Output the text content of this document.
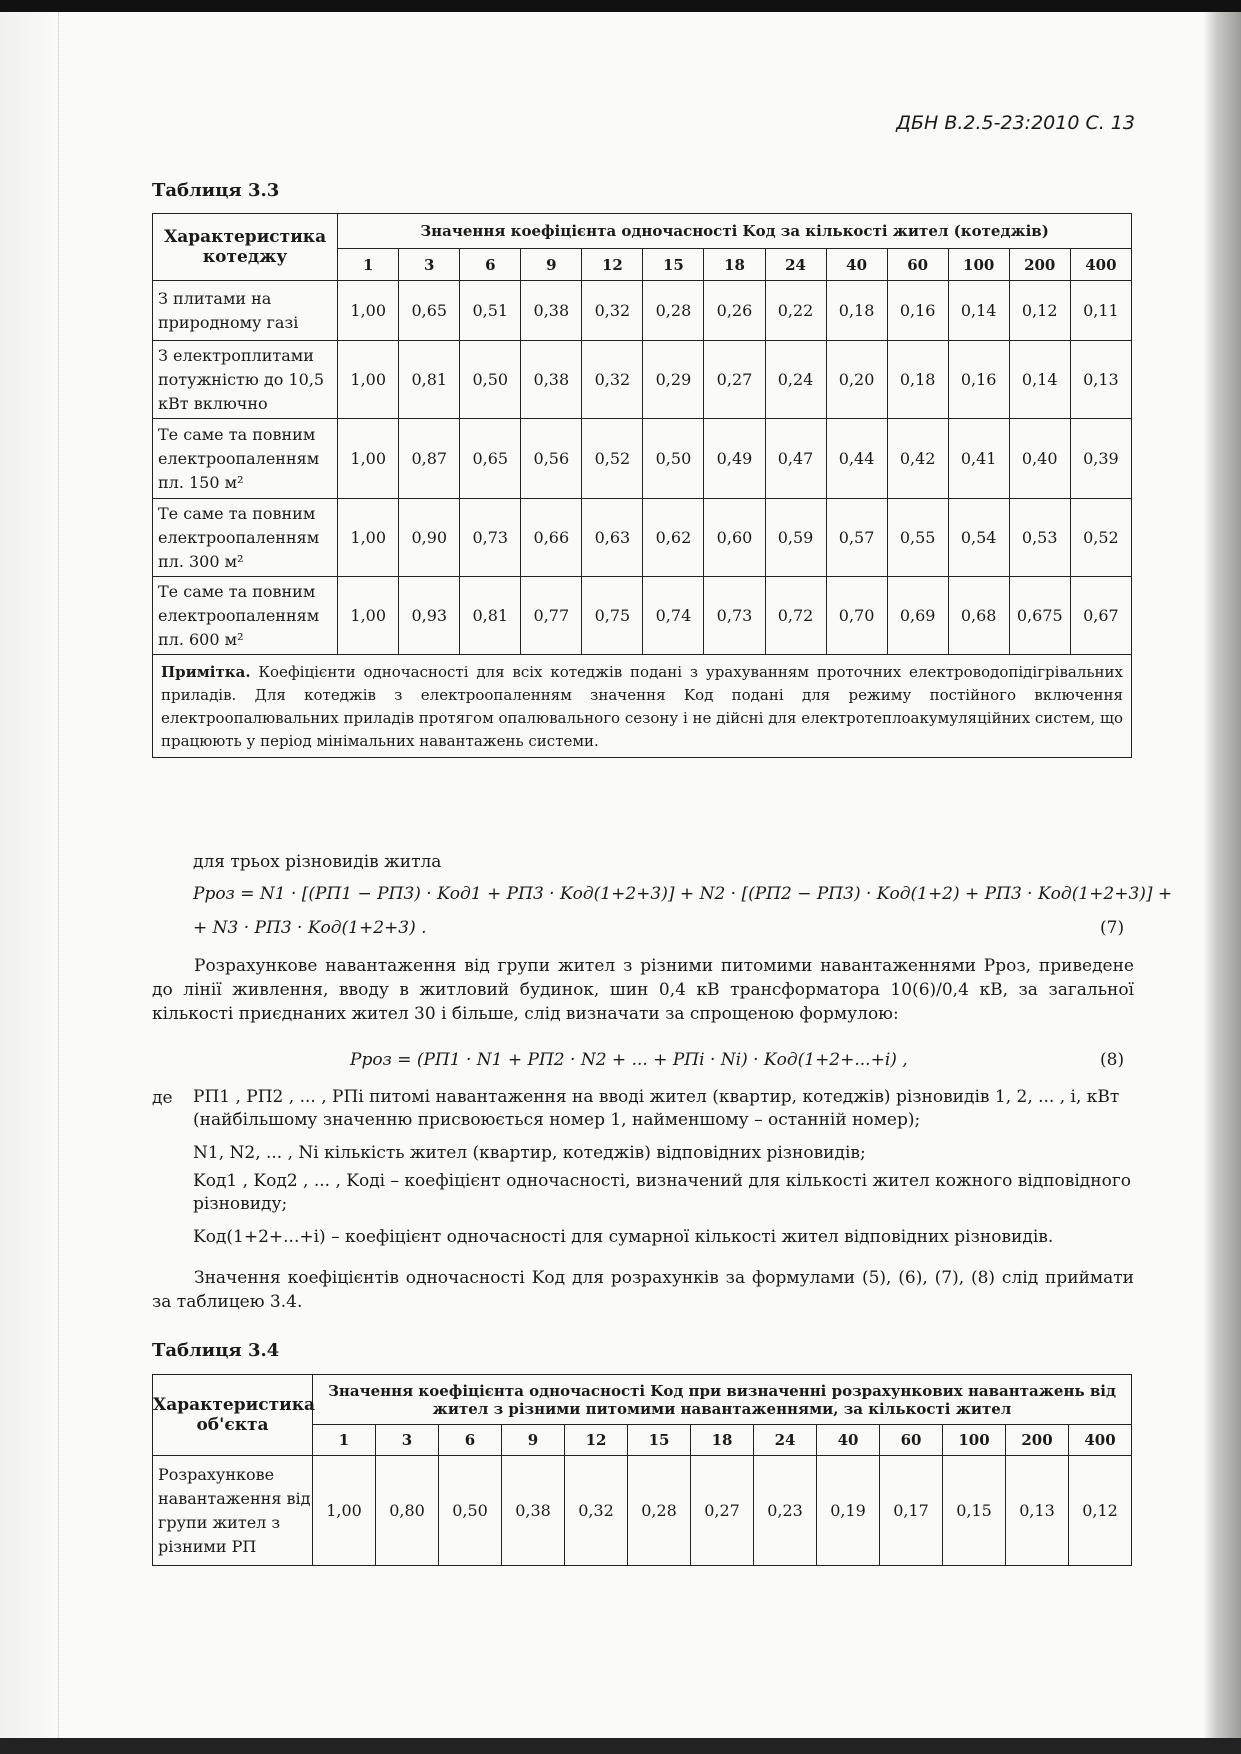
ДБН В.2.5-23:2010 С. 13
Таблиця 3.3
Характеристика котеджу	Значення коефіцієнта одночасності Kод за кількості жител (котеджів)												
	1	3	6	9	12	15	18	24	40	60	100	200	400
З плитами на природному газі	1,00	0,65	0,51	0,38	0,32	0,28	0,26	0,22	0,18	0,16	0,14	0,12	0,11
З електроплитами потужністю до 10,5 кВт включно	1,00	0,81	0,50	0,38	0,32	0,29	0,27	0,24	0,20	0,18	0,16	0,14	0,13
Те саме та повним електроопаленням пл. 150 м²	1,00	0,87	0,65	0,56	0,52	0,50	0,49	0,47	0,44	0,42	0,41	0,40	0,39
Те саме та повним електроопаленням пл. 300 м²	1,00	0,90	0,73	0,66	0,63	0,62	0,60	0,59	0,57	0,55	0,54	0,53	0,52
Те саме та повним електроопаленням пл. 600 м²	1,00	0,93	0,81	0,77	0,75	0,74	0,73	0,72	0,70	0,69	0,68	0,675	0,67
Примітка. Коефіцієнти одночасності для всіх котеджів подані з урахуванням проточних електроводопідігрівальних приладів. Для котеджів з електроопаленням значення Kод подані для режиму постійного включення електроопалювальних приладів протягом опалювального сезону і не дійсні для електротеплоакумуляційних систем, що працюють у період мінімальних навантажень системи.													
для трьох різновидів житла
Pроз = N1 · [(PП1 − PП3) · Kод1 + PП3 · Kод(1+2+3)] + N2 · [(PП2 − PП3) · Kод(1+2) + PП3 · Kод(1+2+3)] +
+ N3 · PП3 · Kод(1+2+3) .	(7)
Розрахункове навантаження від групи жител з різними питомими навантаженнями Pроз, приведене до лінії живлення, вводу в житловий будинок, шин 0,4 кВ трансформатора 10(6)/0,4 кВ, за загальної кількості приєднаних жител 30 і більше, слід визначати за спрощеною формулою:
Pроз = (PП1 · N1 + PП2 · N2 + ... + PПi · Ni) · Kод(1+2+...+i) ,	(8)
де	PП1 , PП2 , ... , PПi питомі навантаження на вводі жител (квартир, котеджів) різновидів 1, 2, ... , i, кВт (найбільшому значенню присвоюється номер 1, найменшому – останній номер);
N1, N2, ... , Ni кількість жител (квартир, котеджів) відповідних різновидів;
Kод1 , Kод2 , ... , Kодi – коефіцієнт одночасності, визначений для кількості жител кожного відповідного різновиду;
Kод(1+2+...+i) – коефіцієнт одночасності для сумарної кількості жител відповідних різновидів.
Значення коефіцієнтів одночасності Kод для розрахунків за формулами (5), (6), (7), (8) слід приймати за таблицею 3.4.
Таблиця 3.4
Характеристика об'єкта	Значення коефіцієнта одночасності Kод при визначенні розрахункових навантажень від жител з різними питомими навантаженнями, за кількості жител												
	1	3	6	9	12	15	18	24	40	60	100	200	400
Розрахункове навантаження від групи жител з різними PП	1,00	0,80	0,50	0,38	0,32	0,28	0,27	0,23	0,19	0,17	0,15	0,13	0,12
